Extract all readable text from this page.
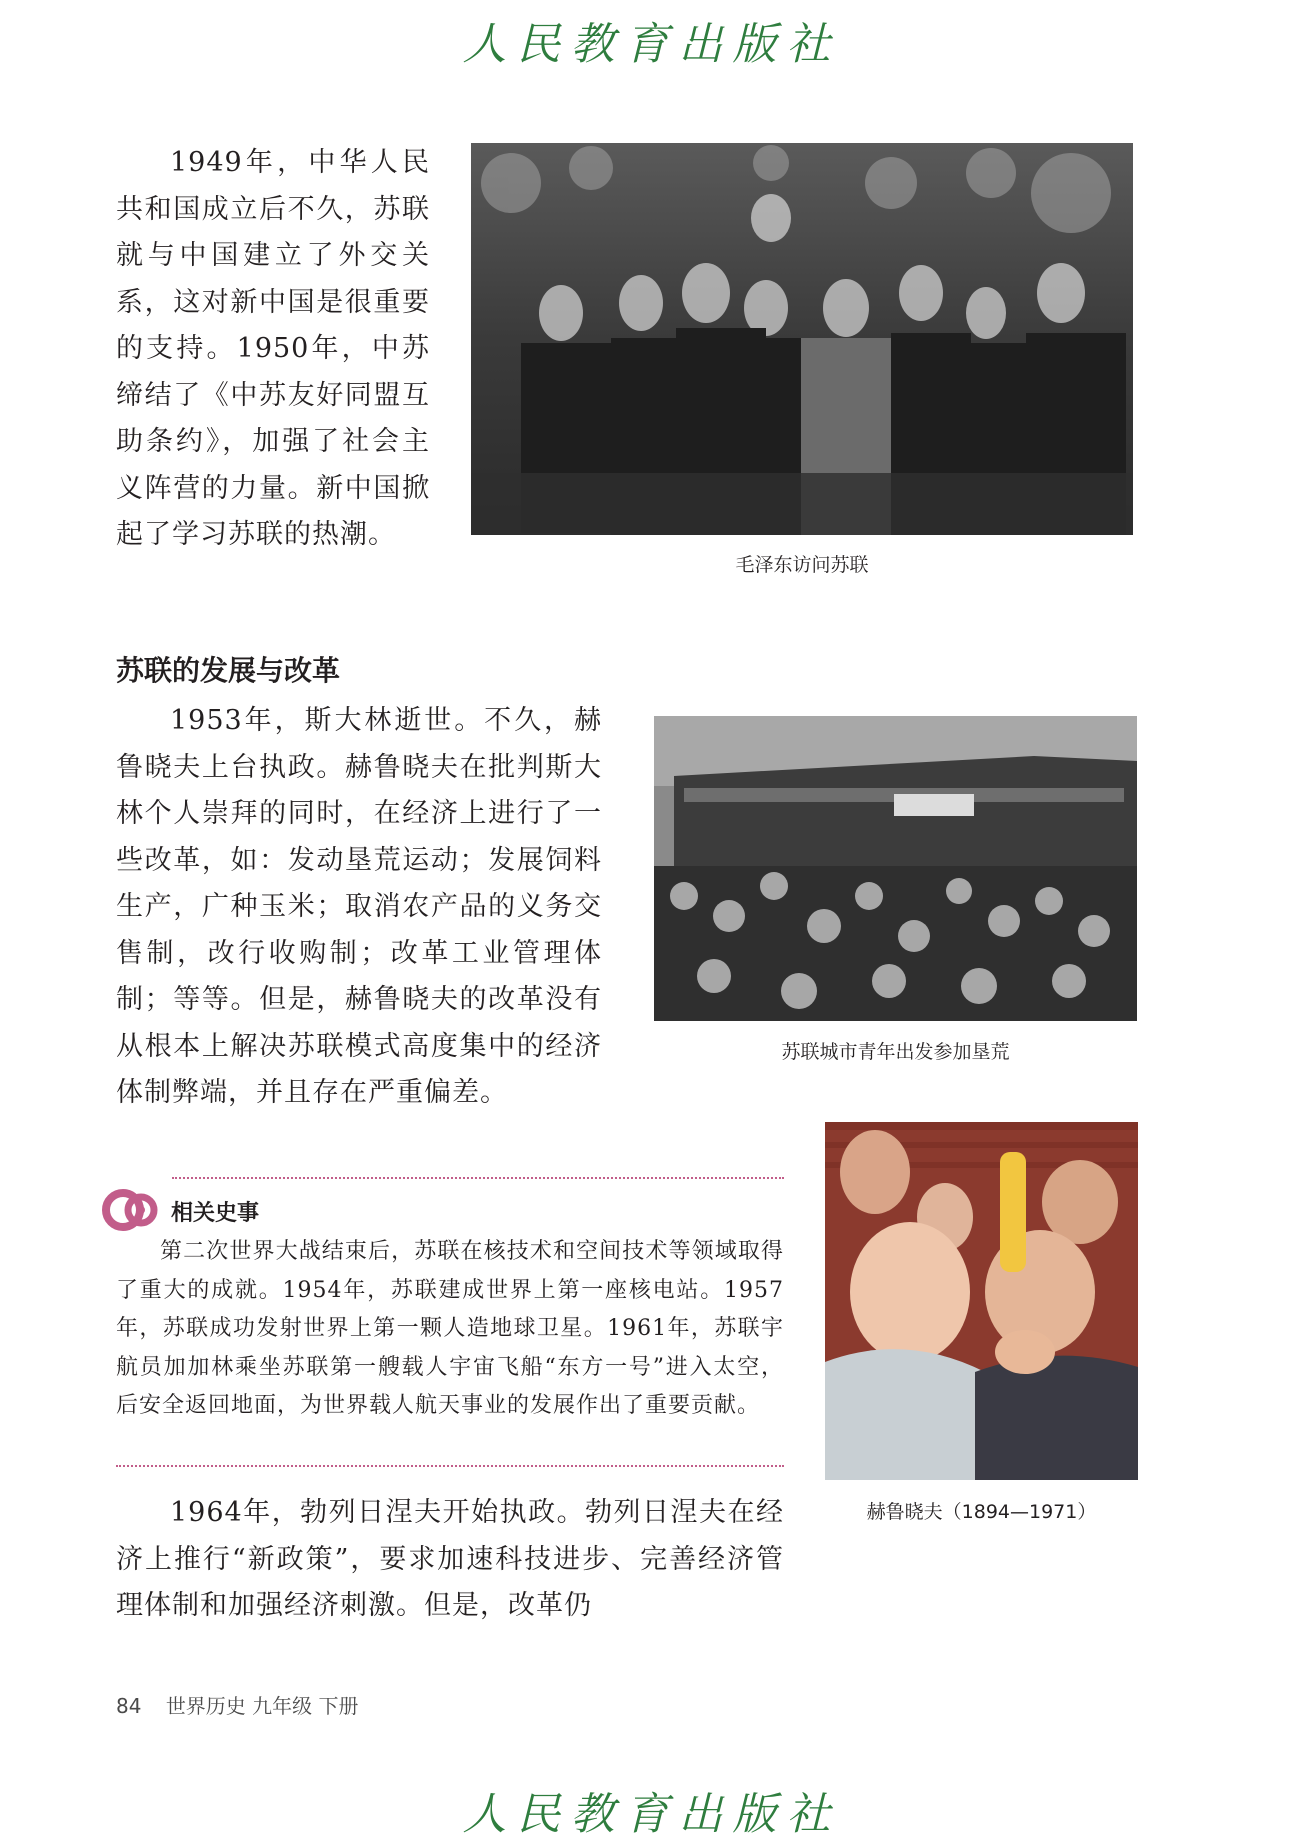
人民教育出版社

1949年，中华人民共和国成立后不久，苏联就与中国建立了外交关系，这对新中国是很重要的支持。1950年，中苏缔结了《中苏友好同盟互助条约》，加强了社会主义阵营的力量。新中国掀起了学习苏联的热潮。

毛泽东访问苏联
苏联的发展与改革

1953年，斯大林逝世。不久，赫鲁晓夫上台执政。赫鲁晓夫在批判斯大林个人崇拜的同时，在经济上进行了一些改革，如：发动垦荒运动；发展饲料生产，广种玉米；取消农产品的义务交售制，改行收购制；改革工业管理体制；等等。但是，赫鲁晓夫的改革没有从根本上解决苏联模式高度集中的经济体制弊端，并且存在严重偏差。

苏联城市青年出发参加垦荒
相关史事

第二次世界大战结束后，苏联在核技术和空间技术等领域取得了重大的成就。1954年，苏联建成世界上第一座核电站。1957年，苏联成功发射世界上第一颗人造地球卫星。1961年，苏联宇航员加加林乘坐苏联第一艘载人宇宙飞船“东方一号”进入太空，后安全返回地面，为世界载人航天事业的发展作出了重要贡献。

赫鲁晓夫（1894—1971）

1964年，勃列日涅夫开始执政。勃列日涅夫在经济上推行“新政策”，要求加速科技进步、完善经济管理体制和加强经济刺激。但是，改革仍

84 世界历史 九年级 下册
人民教育出版社
